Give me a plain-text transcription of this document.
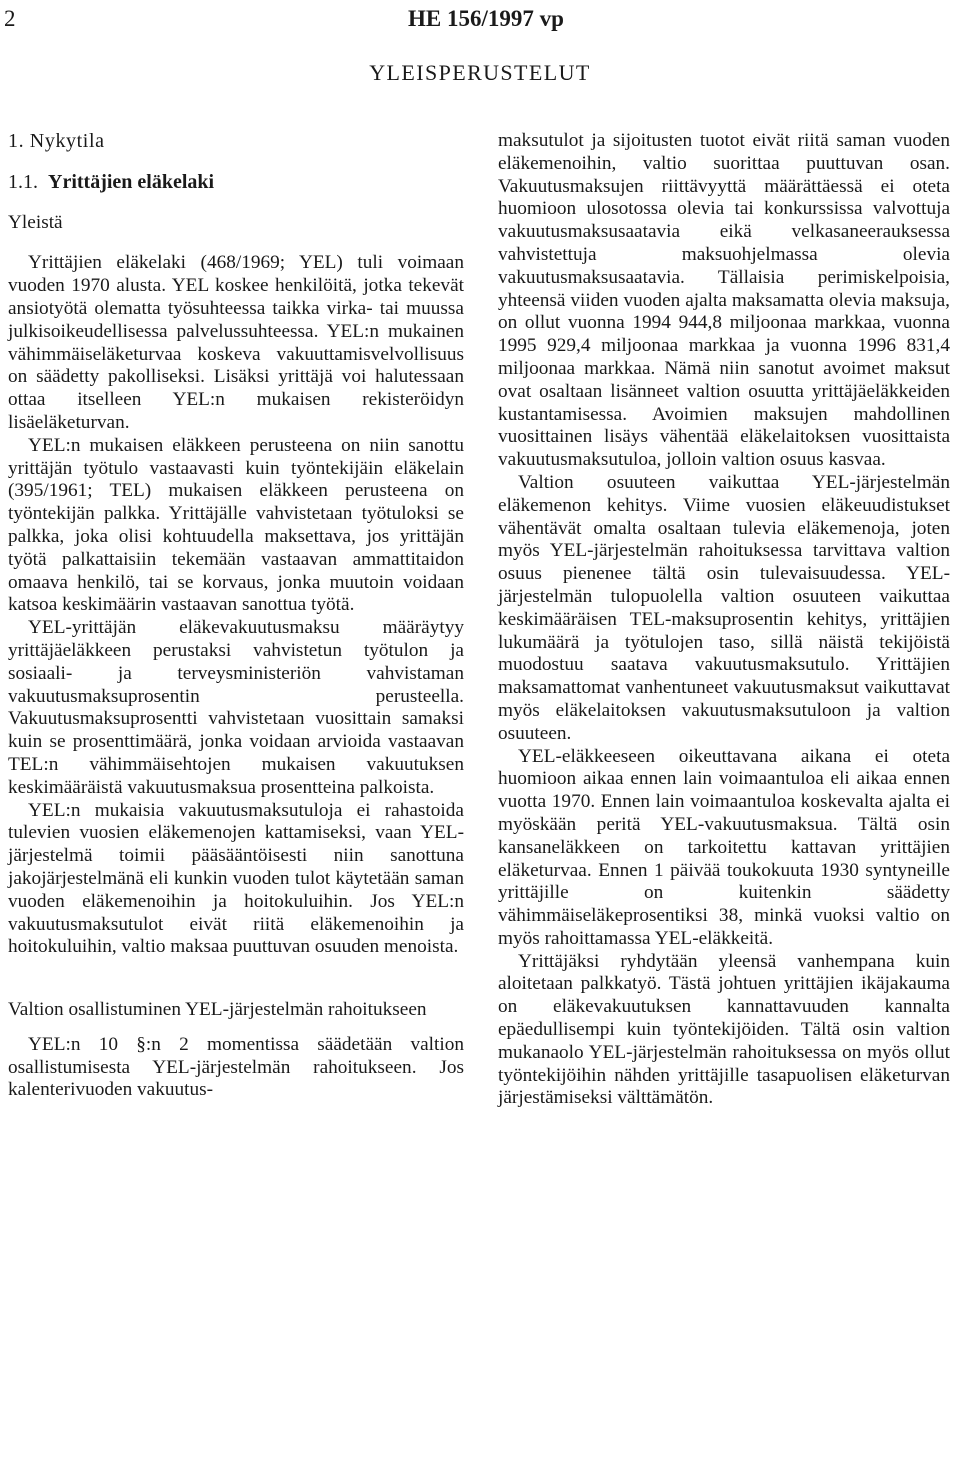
2	HE 156/1997 vp
YLEISPERUSTELUT
1. Nykytila
1.1. Yrittäjien eläkelaki
Yleistä

Yrittäjien eläkelaki (468/1969; YEL) tuli voimaan vuoden 1970 alusta. YEL koskee henkilöitä, jotka tekevät ansiotyötä olematta työsuhteessa taikka virka- tai muussa julkisoikeudellisessa palvelussuhteessa. YEL:n mukainen vähimmäiseläketurvaa koskeva vakuuttamisvelvollisuus on säädetty pakolliseksi. Lisäksi yrittäjä voi halutessaan ottaa itselleen YEL:n mukaisen rekisteröidyn lisäeläketurvan.

YEL:n mukaisen eläkkeen perusteena on niin sanottu yrittäjän työtulo vastaavasti kuin työntekijäin eläkelain (395/1961; TEL) mukaisen eläkkeen perusteena on työntekijän palkka. Yrittäjälle vahvistetaan työtuloksi se palkka, joka olisi kohtuudella maksettava, jos yrittäjän työtä palkattaisiin tekemään vastaavan ammattitaidon omaava henkilö, tai se korvaus, jonka muutoin voidaan katsoa keskimäärin vastaavan sanottua työtä.

YEL-yrittäjän eläkevakuutusmaksu määräytyy yrittäjäeläkkeen perustaksi vahvistetun työtulon ja sosiaali- ja terveysministeriön vahvistaman vakuutusmaksuprosentin perusteella. Vakuutusmaksuprosentti vahvistetaan vuosittain samaksi kuin se prosenttimäärä, jonka voidaan arvioida vastaavan TEL:n vähimmäisehtojen mukaisen vakuutuksen keskimääräistä vakuutusmaksua prosentteina palkoista.

YEL:n mukaisia vakuutusmaksutuloja ei rahastoida tulevien vuosien eläkemenojen kattamiseksi, vaan YEL-järjestelmä toimii pääsääntöisesti niin sanottuna jakojärjestelmänä eli kunkin vuoden tulot käytetään saman vuoden eläkemenoihin ja hoitokuluihin. Jos YEL:n vakuutusmaksutulot eivät riitä eläkemenoihin ja hoitokuluihin, valtio maksaa puuttuvan osuuden menoista.

Valtion osallistuminen YEL-järjestelmän rahoitukseen

YEL:n 10 §:n 2 momentissa säädetään valtion osallistumisesta YEL-järjestelmän rahoitukseen. Jos kalenterivuoden vakuutus-

maksutulot ja sijoitusten tuotot eivät riitä saman vuoden eläkemenoihin, valtio suorittaa puuttuvan osan. Vakuutusmaksujen riittävyyttä määrättäessä ei oteta huomioon ulosotossa olevia tai konkurssissa valvottuja vakuutusmaksusaatavia eikä velkasaneerauksessa vahvistettuja maksuohjelmassa olevia vakuutusmaksusaatavia. Tällaisia perimiskelpoisia, yhteensä viiden vuoden ajalta maksamatta olevia maksuja, on ollut vuonna 1994 944,8 miljoonaa markkaa, vuonna 1995 929,4 miljoonaa markkaa ja vuonna 1996 831,4 miljoonaa markkaa. Nämä niin sanotut avoimet maksut ovat osaltaan lisänneet valtion osuutta yrittäjäeläkkeiden kustantamisessa. Avoimien maksujen mahdollinen vuosittainen lisäys vähentää eläkelaitoksen vuosittaista vakuutusmaksutuloa, jolloin valtion osuus kasvaa.

Valtion osuuteen vaikuttaa YEL-järjestelmän eläkemenon kehitys. Viime vuosien eläkeuudistukset vähentävät omalta osaltaan tulevia eläkemenoja, joten myös YEL-järjestelmän rahoituksessa tarvittava valtion osuus pienenee tältä osin tulevaisuudessa. YEL-järjestelmän tulopuolella valtion osuuteen vaikuttaa keskimääräisen TEL-maksuprosentin kehitys, yrittäjien lukumäärä ja työtulojen taso, sillä näistä tekijöistä muodostuu saatava vakuutusmaksutulo. Yrittäjien maksamattomat vanhentuneet vakuutusmaksut vaikuttavat myös eläkelaitoksen vakuutusmaksutuloon ja valtion osuuteen.

YEL-eläkkeeseen oikeuttavana aikana ei oteta huomioon aikaa ennen lain voimaantuloa eli aikaa ennen vuotta 1970. Ennen lain voimaantuloa koskevalta ajalta ei myöskään peritä YEL-vakuutusmaksua. Tältä osin kansaneläkkeen on tarkoitettu kattavan yrittäjien eläketurvaa. Ennen 1 päivää toukokuuta 1930 syntyneille yrittäjille on kuitenkin säädetty vähimmäiseläkeprosentiksi 38, minkä vuoksi valtio on myös rahoittamassa YEL-eläkkeitä.

Yrittäjäksi ryhdytään yleensä vanhempana kuin aloitetaan palkkatyö. Tästä johtuen yrittäjien ikäjakauma on eläkevakuutuksen kannattavuuden kannalta epäedullisempi kuin työntekijöiden. Tältä osin valtion mukanaolo YEL-järjestelmän rahoituksessa on myös ollut työntekijöihin nähden yrittäjille tasapuolisen eläketurvan järjestämiseksi välttämätön.
